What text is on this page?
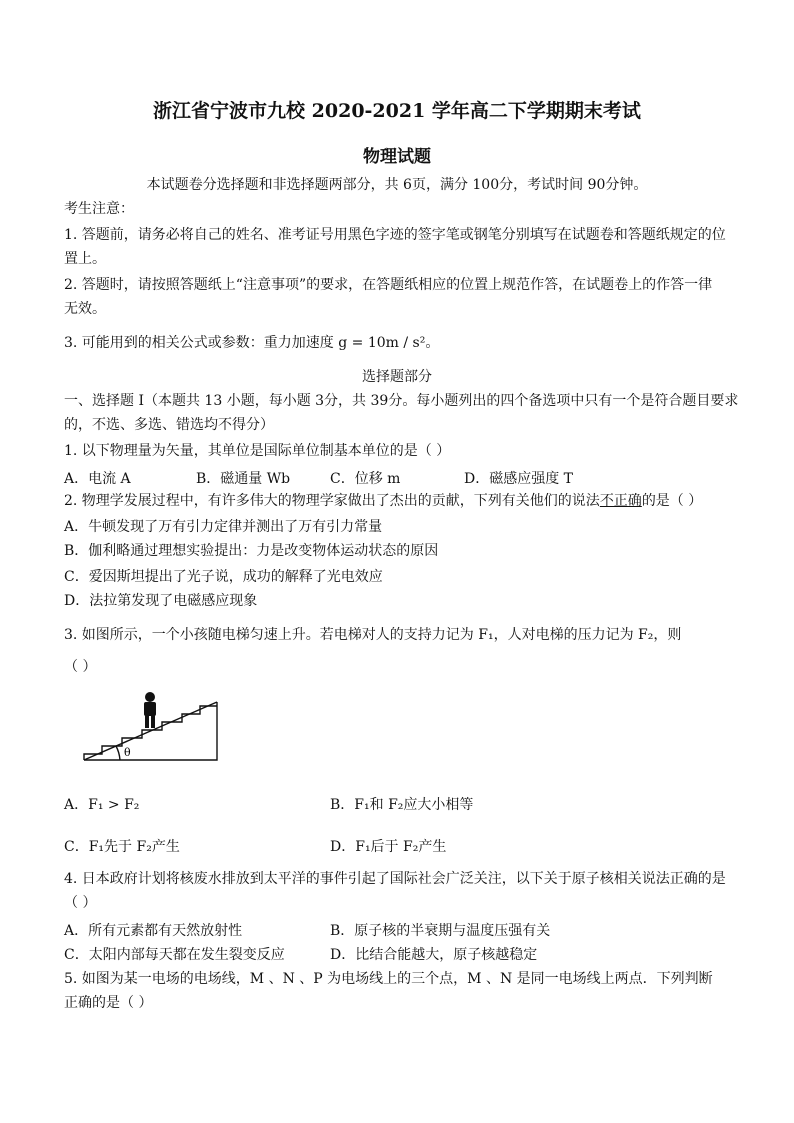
浙江省宁波市九校 2020-2021 学年高二下学期期末考试
物理试题
本试题卷分选择题和非选择题两部分，共 6页，满分 100分，考试时间 90分钟。
考生注意：
1. 答题前，请务必将自己的姓名、准考证号用黑色字迹的签字笔或钢笔分别填写在试题卷和答题纸规定的位
置上。
2. 答题时，请按照答题纸上“注意事项”的要求，在答题纸相应的位置上规范作答，在试题卷上的作答一律
无效。
3. 可能用到的相关公式或参数：重力加速度 g = 10m / s²。
选择题部分
一、选择题 I（本题共 13 小题，每小题 3分，共 39分。每小题列出的四个备选项中只有一个是符合题目要求
的，不选、多选、错选均不得分）
1. 以下物理量为矢量，其单位是国际单位制基本单位的是（ ）
A．电流 A	B．磁通量 Wb	C．位移 m	D．磁感应强度 T
2. 物理学发展过程中，有许多伟大的物理学家做出了杰出的贡献，下列有关他们的说法不正确的是（ ）
A．牛顿发现了万有引力定律并测出了万有引力常量
B．伽利略通过理想实验提出：力是改变物体运动状态的原因
C．爱因斯坦提出了光子说，成功的解释了光电效应
D．法拉第发现了电磁感应现象
3. 如图所示，一个小孩随电梯匀速上升。若电梯对人的支持力记为 F₁，人对电梯的压力记为 F₂，则
（ ）
θ
A．F₁ > F₂	B．F₁和 F₂应大小相等
C．F₁先于 F₂产生	D．F₁后于 F₂产生
4. 日本政府计划将核废水排放到太平洋的事件引起了国际社会广泛关注，以下关于原子核相关说法正确的是
（ ）
A．所有元素都有天然放射性	B．原子核的半衰期与温度压强有关
C．太阳内部每天都在发生裂变反应	D．比结合能越大，原子核越稳定
5. 如图为某一电场的电场线，M 、N 、P 为电场线上的三个点，M 、N 是同一电场线上两点．下列判断
正确的是（ ）
